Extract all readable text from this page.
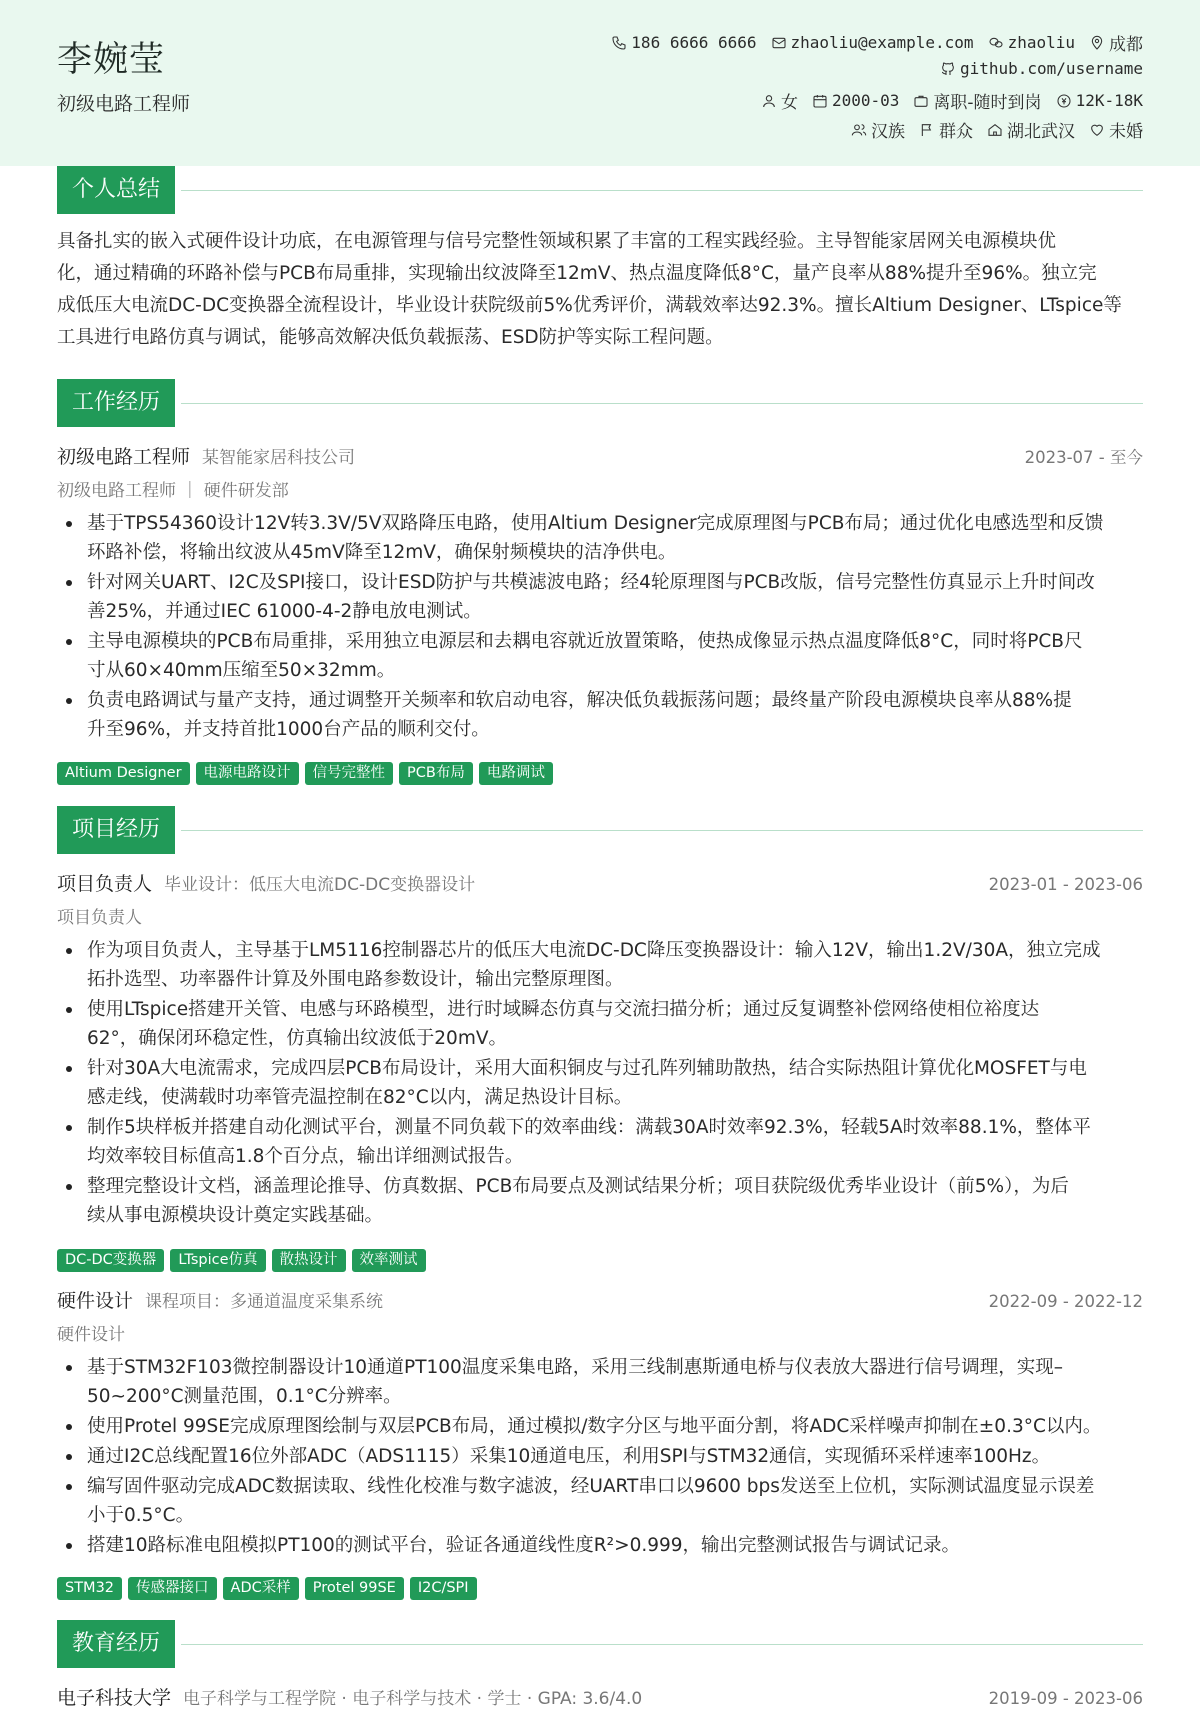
李婉莹
初级电路工程师
186 6666 6666 zhaoliu@example.com zhaoliu 成都
github.com/username
女 2000-03 离职-随时到岗 12K-18K
汉族 群众 湖北武汉 未婚
个人总结
具备扎实的嵌入式硬件设计功底，在电源管理与信号完整性领域积累了丰富的工程实践经验。主导智能家居网关电源模块优
化，通过精确的环路补偿与PCB布局重排，实现输出纹波降至12mV、热点温度降低8°C，量产良率从88%提升至96%。独立完
成低压大电流DC-DC变换器全流程设计，毕业设计获院级前5%优秀评价，满载效率达92.3%。擅长Altium Designer、LTspice等
工具进行电路仿真与调试，能够高效解决低负载振荡、ESD防护等实际工程问题。
工作经历
初级电路工程师 某智能家居科技公司	2023-07 - 至今
初级电路工程师 ｜ 硬件研发部
基于TPS54360设计12V转3.3V/5V双路降压电路，使用Altium Designer完成原理图与PCB布局；通过优化电感选型和反馈
环路补偿，将输出纹波从45mV降至12mV，确保射频模块的洁净供电。
针对网关UART、I2C及SPI接口，设计ESD防护与共模滤波电路；经4轮原理图与PCB改版，信号完整性仿真显示上升时间改
善25%，并通过IEC 61000-4-2静电放电测试。
主导电源模块的PCB布局重排，采用独立电源层和去耦电容就近放置策略，使热成像显示热点温度降低8°C，同时将PCB尺
寸从60×40mm压缩至50×32mm。
负责电路调试与量产支持，通过调整开关频率和软启动电容，解决低负载振荡问题；最终量产阶段电源模块良率从88%提
升至96%，并支持首批1000台产品的顺利交付。
Altium Designer	电源电路设计	信号完整性	PCB布局	电路调试
项目经历
项目负责人 毕业设计：低压大电流DC-DC变换器设计	2023-01 - 2023-06
项目负责人
作为项目负责人，主导基于LM5116控制器芯片的低压大电流DC-DC降压变换器设计：输入12V，输出1.2V/30A，独立完成
拓扑选型、功率器件计算及外围电路参数设计，输出完整原理图。
使用LTspice搭建开关管、电感与环路模型，进行时域瞬态仿真与交流扫描分析；通过反复调整补偿网络使相位裕度达
62°，确保闭环稳定性，仿真输出纹波低于20mV。
针对30A大电流需求，完成四层PCB布局设计，采用大面积铜皮与过孔阵列辅助散热，结合实际热阻计算优化MOSFET与电
感走线，使满载时功率管壳温控制在82°C以内，满足热设计目标。
制作5块样板并搭建自动化测试平台，测量不同负载下的效率曲线：满载30A时效率92.3%，轻载5A时效率88.1%，整体平
均效率较目标值高1.8个百分点，输出详细测试报告。
整理完整设计文档，涵盖理论推导、仿真数据、PCB布局要点及测试结果分析；项目获院级优秀毕业设计（前5%），为后
续从事电源模块设计奠定实践基础。
DC-DC变换器	LTspice仿真	散热设计	效率测试
硬件设计 课程项目：多通道温度采集系统	2022-09 - 2022-12
硬件设计
基于STM32F103微控制器设计10通道PT100温度采集电路，采用三线制惠斯通电桥与仪表放大器进行信号调理，实现–
50~200°C测量范围，0.1°C分辨率。
使用Protel 99SE完成原理图绘制与双层PCB布局，通过模拟/数字分区与地平面分割，将ADC采样噪声抑制在±0.3°C以内。
通过I2C总线配置16位外部ADC（ADS1115）采集10通道电压，利用SPI与STM32通信，实现循环采样速率100Hz。
编写固件驱动完成ADC数据读取、线性化校准与数字滤波，经UART串口以9600 bps发送至上位机，实际测试温度显示误差
小于0.5°C。
搭建10路标准电阻模拟PT100的测试平台，验证各通道线性度R²>0.999，输出完整测试报告与调试记录。
STM32	传感器接口	ADC采样	Protel 99SE	I2C/SPI
教育经历
电子科技大学 电子科学与工程学院 · 电子科学与技术 · 学士 · GPA: 3.6/4.0	2019-09 - 2023-06
